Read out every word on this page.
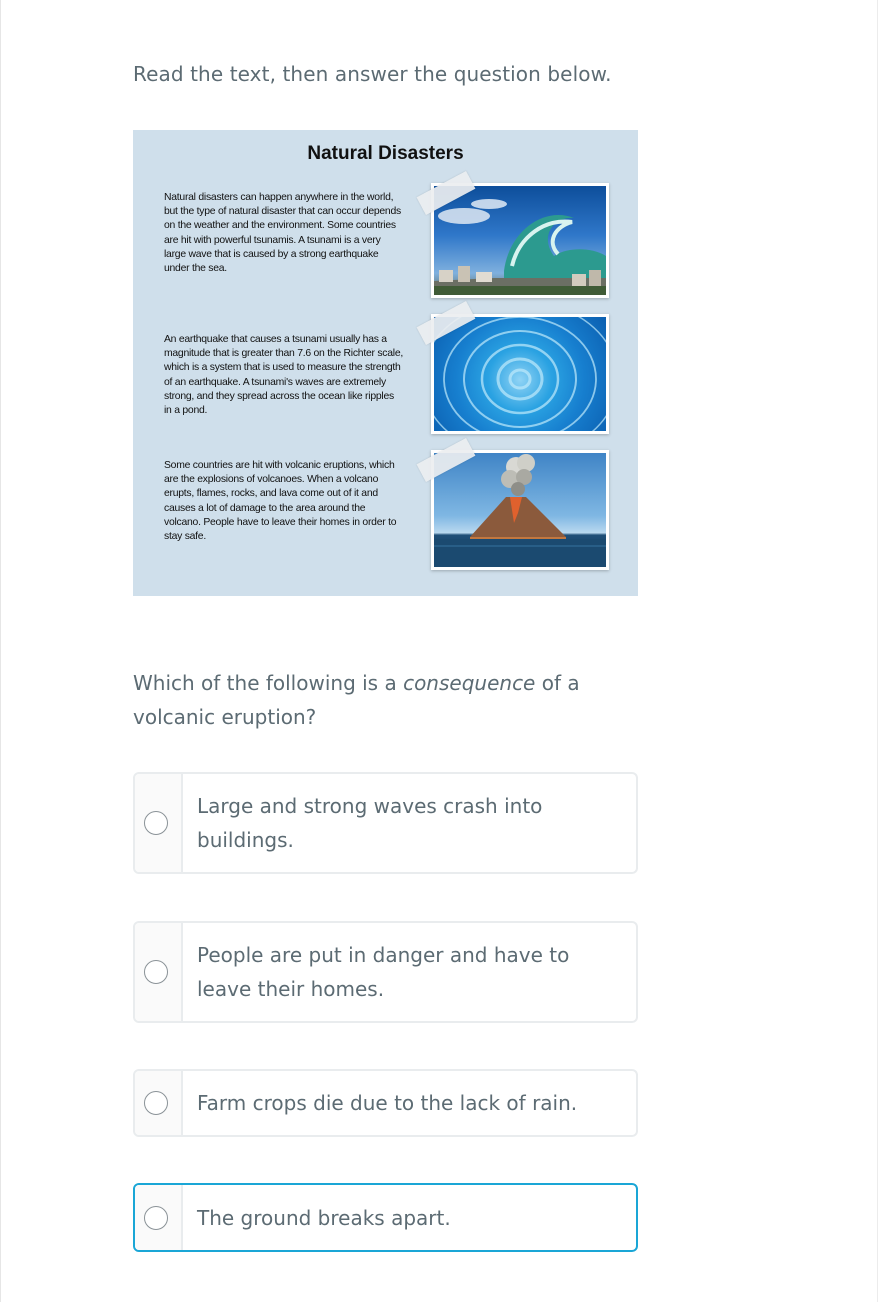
Read the text, then answer the question below.
Natural Disasters
Natural disasters can happen anywhere in the world, but the type of natural disaster that can occur depends on the weather and the environment. Some countries are hit with powerful tsunamis. A tsunami is a very large wave that is caused by a strong earthquake under the sea.
An earthquake that causes a tsunami usually has a magnitude that is greater than 7.6 on the Richter scale, which is a system that is used to measure the strength of an earthquake. A tsunami's waves are extremely strong, and they spread across the ocean like ripples in a pond.
Some countries are hit with volcanic eruptions, which are the explosions of volcanoes. When a volcano erupts, flames, rocks, and lava come out of it and causes a lot of damage to the area around the volcano. People have to leave their homes in order to stay safe.
Which of the following is a consequence of a volcanic eruption?
Large and strong waves crash into buildings.
People are put in danger and have to leave their homes.
Farm crops die due to the lack of rain.
The ground breaks apart.
